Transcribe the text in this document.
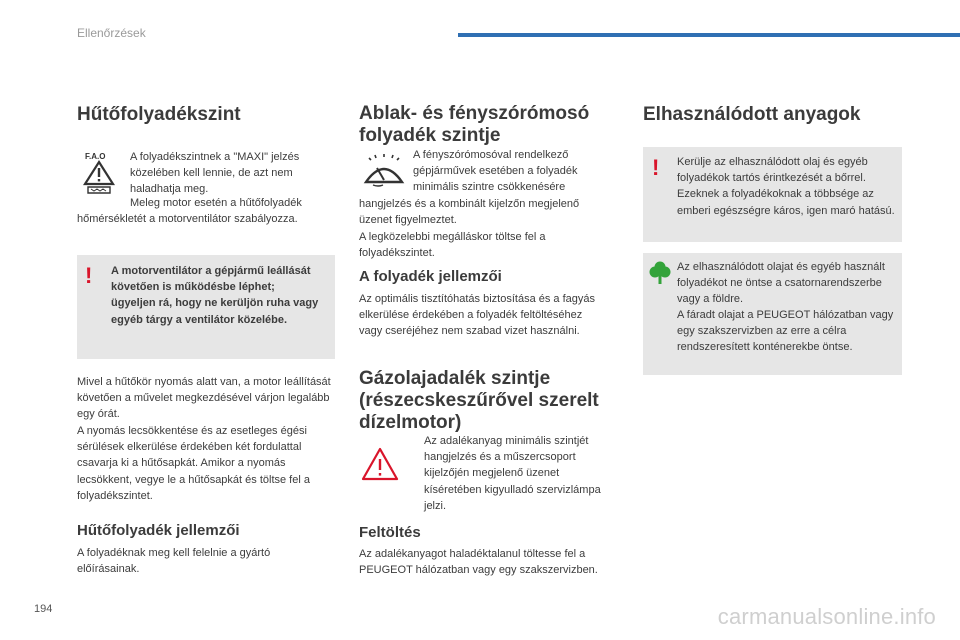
Ellenőrzések
Hűtőfolyadékszint
F.A.O A folyadékszintnek a "MAXI" jelzés közelében kell lennie, de azt nem haladhatja meg.
Meleg motor esetén a hűtőfolyadék
hőmérsékletét a motorventilátor szabályozza.
! A motorventilátor a gépjármű leállását követően is működésbe léphet; ügyeljen rá, hogy ne kerüljön ruha vagy egyéb tárgy a ventilátor közelébe.
Mivel a hűtőkör nyomás alatt van, a motor leállítását követően a művelet megkezdésével várjon legalább egy órát.
A nyomás lecsökkentése és az esetleges égési sérülések elkerülése érdekében két fordulattal csavarja ki a hűtősapkát. Amikor a nyomás lecsökkent, vegye le a hűtősapkát és töltse fel a folyadékszintet.
Hűtőfolyadék jellemzői
A folyadéknak meg kell felelnie a gyártó előírásainak.
Ablak- és fényszórómosó folyadék szintje
A fényszórómosóval rendelkező gépjárművek esetében a folyadék minimális szintre csökkenésére
hangjelzés és a kombinált kijelzőn megjelenő üzenet figyelmeztet.
A legközelebbi megálláskor töltse fel a folyadékszintet.
A folyadék jellemzői
Az optimális tisztítóhatás biztosítása és a fagyás elkerülése érdekében a folyadék feltöltéséhez vagy cseréjéhez nem szabad vizet használni.
Gázolajadalék szintje (részecskeszűrővel szerelt dízelmotor)
Az adalékanyag minimális szintjét hangjelzés és a műszercsoport kijelzőjén megjelenő üzenet kíséretében kigyulladó szervizlámpa jelzi.
Feltöltés
Az adalékanyagot haladéktalanul töltesse fel a PEUGEOT hálózatban vagy egy szakszervizben.
Elhasználódott anyagok
! Kerülje az elhasználódott olaj és egyéb folyadékok tartós érintkezését a bőrrel. Ezeknek a folyadékoknak a többsége az emberi egészségre káros, igen maró hatású.
Az elhasználódott olajat és egyéb használt folyadékot ne öntse a csatornarendszerbe vagy a földre.
A fáradt olajat a PEUGEOT hálózatban vagy egy szakszervizben az erre a célra rendszeresített konténerekbe öntse.
194	carmanualsonline.info
